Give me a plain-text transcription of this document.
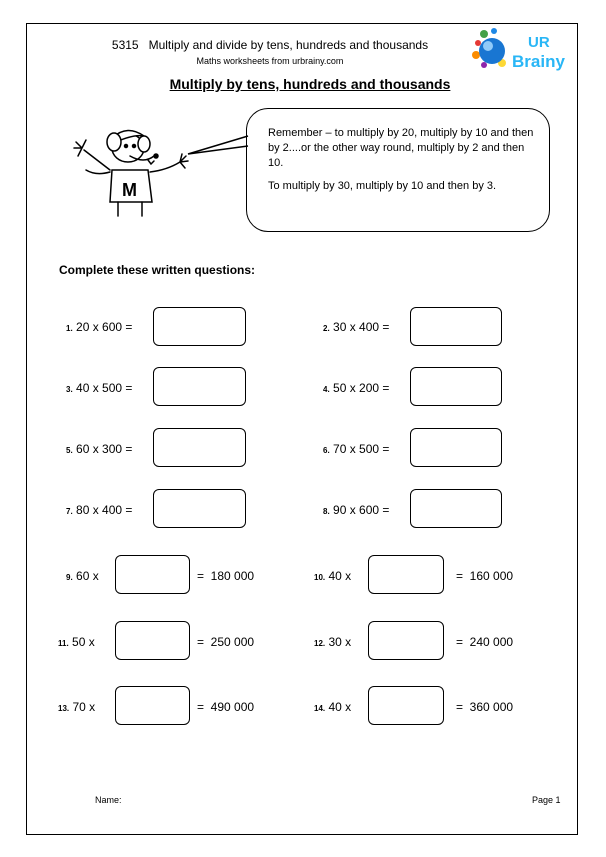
5315   Multiply and divide by tens, hundreds and thousands
Maths worksheets from urbrainy.com
UR
Brainy
Multiply by tens, hundreds and thousands
M

Remember – to multiply by 20, multiply by 10 and then by 2....or the other way round, multiply by 2 and then 10.

To multiply by 30, multiply by 10 and then by 3.

Complete these written questions:
1. 20 x 600 =	2. 30 x 400 =
3. 40 x 500 =	4. 50 x 200 =
5. 60 x 300 =	6. 70 x 500 =
7. 80 x 400 =	8. 90 x 600 =
9. 60 x	=  180 000	10. 40 x	=  160 000
11. 50 x	=  250 000	12. 30 x	=  240 000
13. 70 x	=  490 000	14. 40 x	=  360 000
Name:	Page 1
